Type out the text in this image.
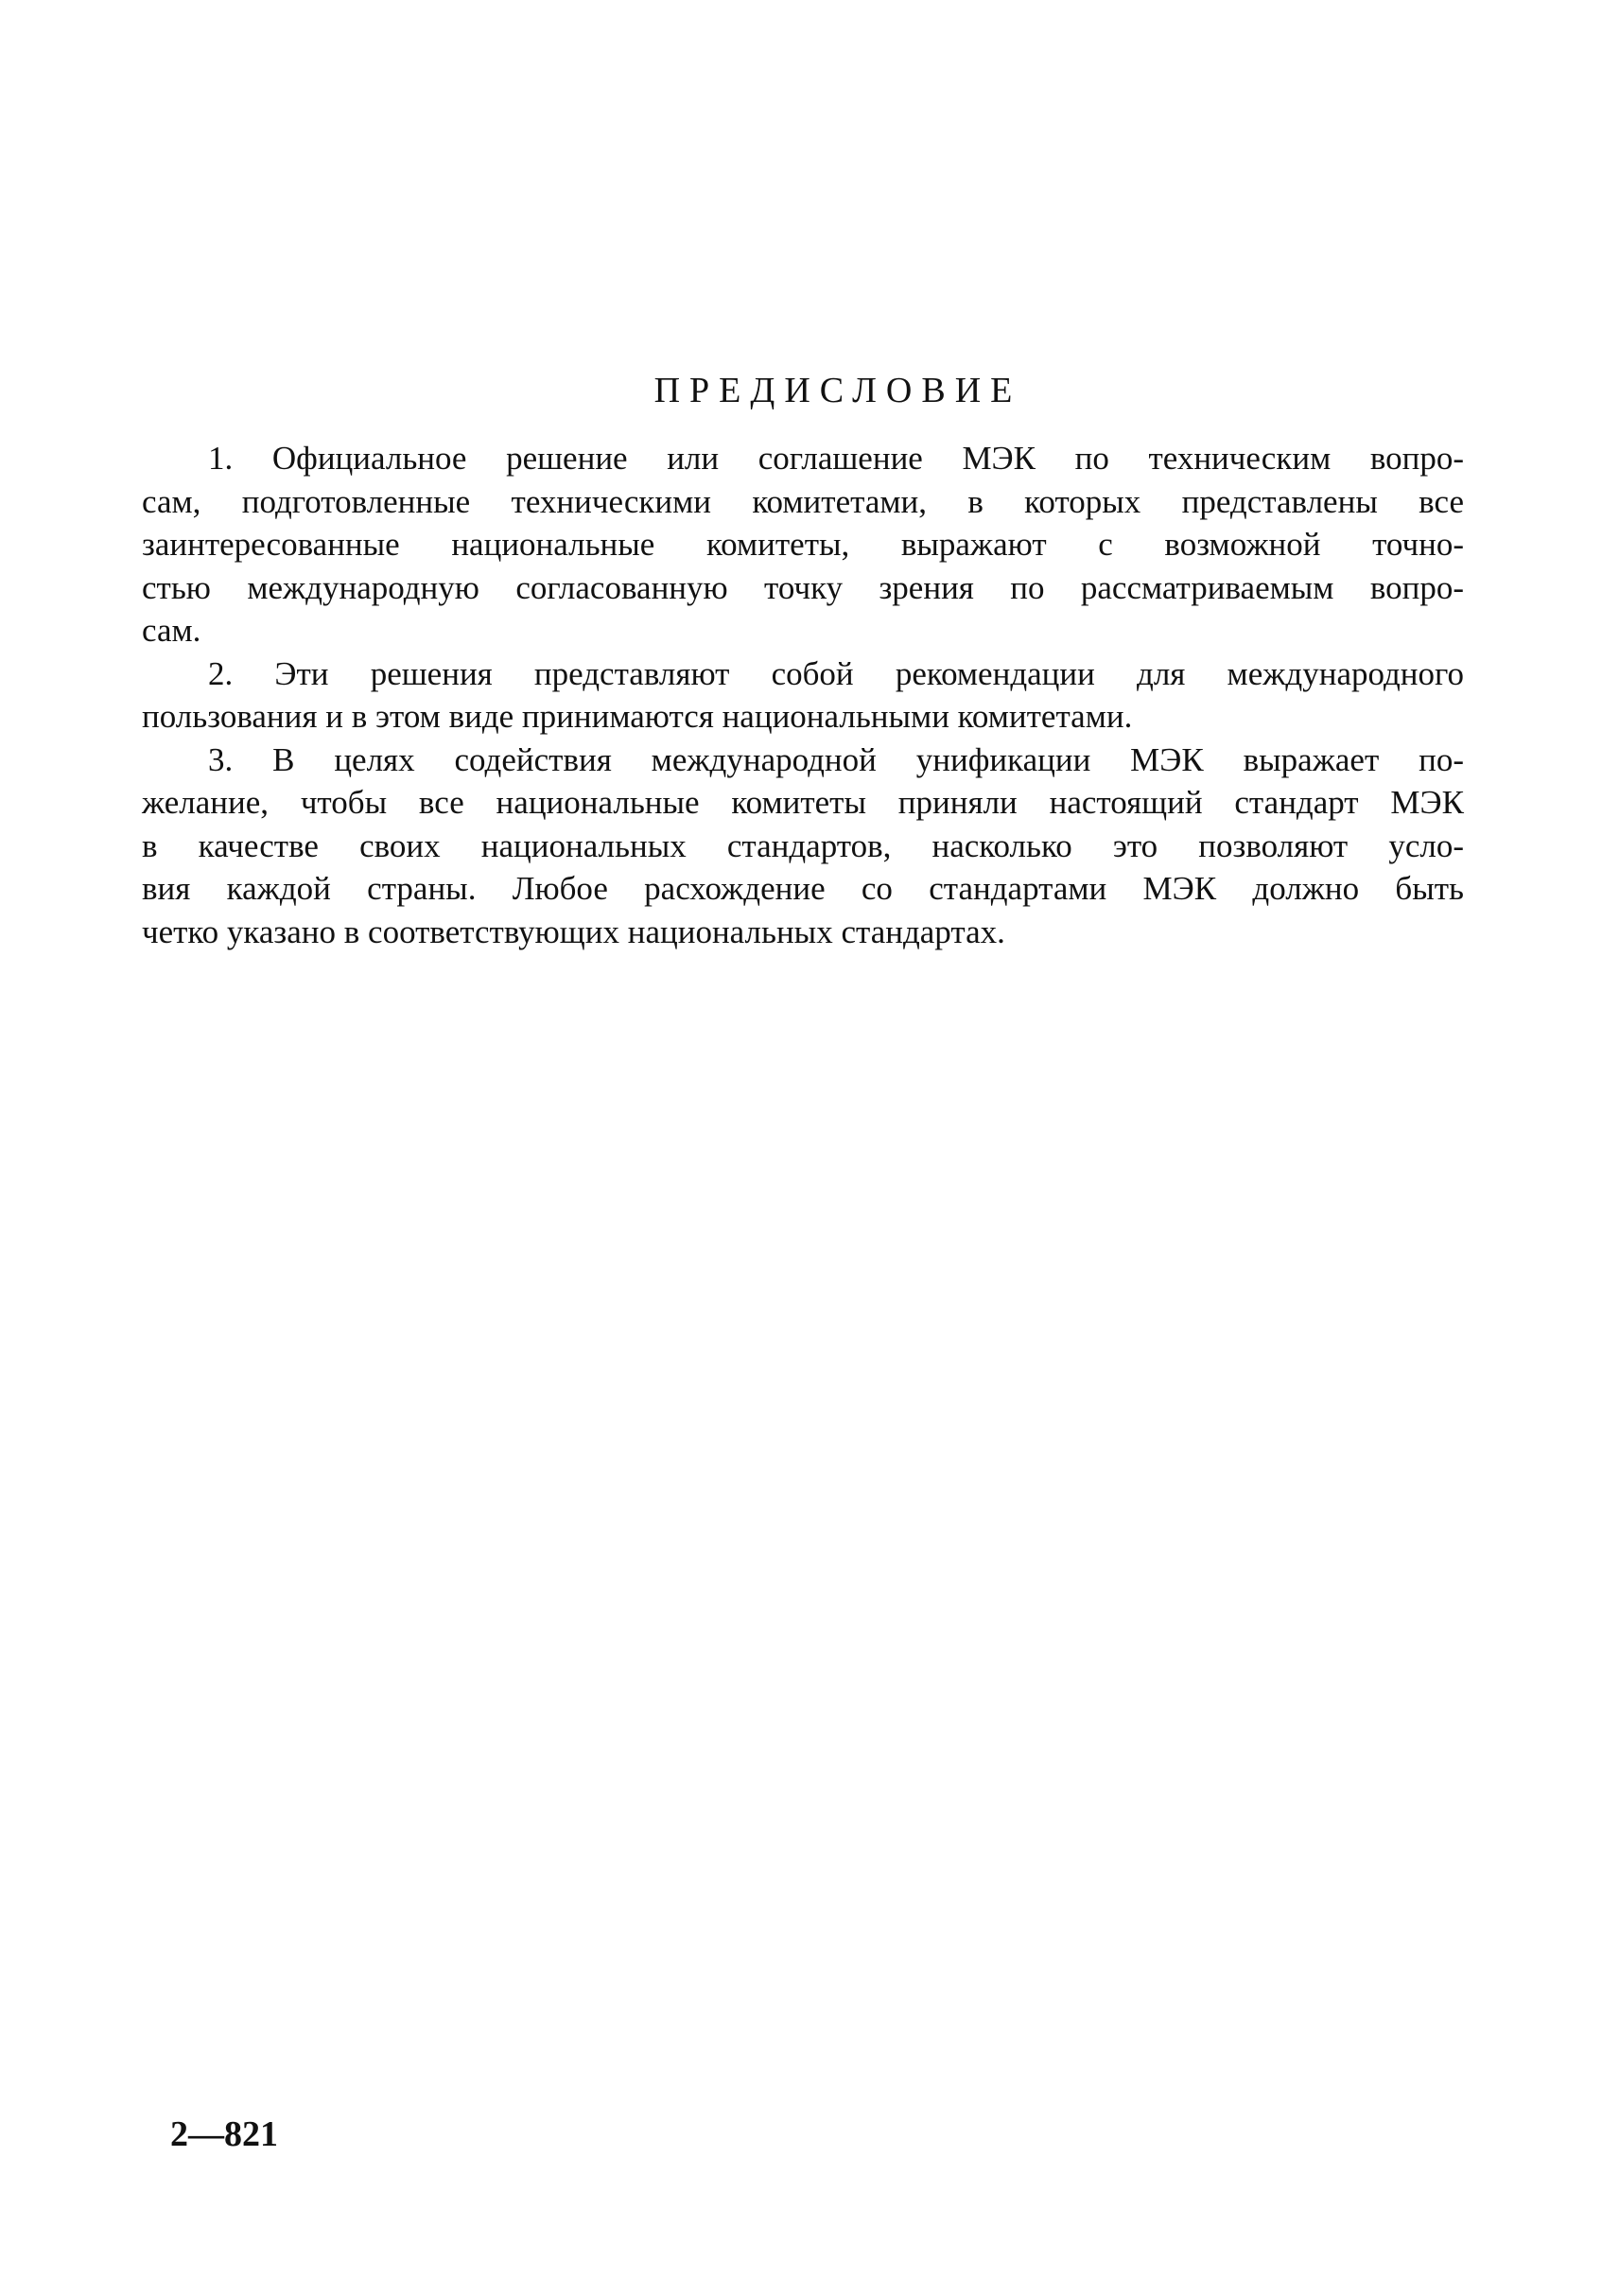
ПРЕДИСЛОВИЕ
1. Официальное решение или соглашение МЭК по техническим вопро-
сам, подготовленные техническими комитетами, в которых представлены все
заинтересованные национальные комитеты, выражают с возможной точно-
стью международную согласованную точку зрения по рассматриваемым вопро-
сам.
2. Эти решения представляют собой рекомендации для международного
пользования и в этом виде принимаются национальными комитетами.
3. В целях содействия международной унификации МЭК выражает по-
желание, чтобы все национальные комитеты приняли настоящий стандарт МЭК
в качестве своих национальных стандартов, насколько это позволяют усло-
вия каждой страны. Любое расхождение со стандартами МЭК должно быть
четко указано в соответствующих национальных стандартах.
2—821
